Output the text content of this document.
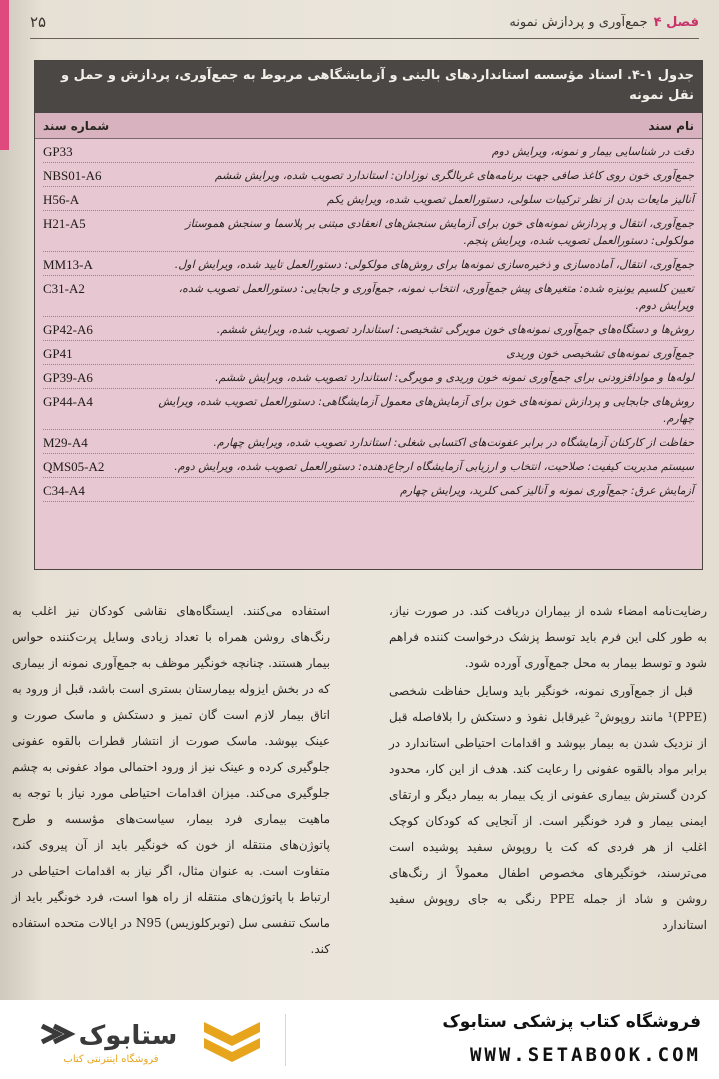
فصل ۴
جمع‌آوری و پردازش نمونه
۲۵
جدول ۱-۴. اسناد مؤسسه استانداردهای بالینی و آزمایشگاهی مربوط به جمع‌آوری، پردازش و حمل و نقل نمونه
نام سند
شماره سند
دقت در شناسایی بیمار و نمونه، ویرایش دوم
GP33
جمع‌آوری خون روی کاغذ صافی جهت برنامه‌های غربالگری نوزادان: استاندارد تصویب شده، ویرایش ششم
NBS01-A6
آنالیز مایعات بدن از نظر ترکیبات سلولی، دستورالعمل تصویب شده، ویرایش یکم
H56-A
جمع‌آوری، انتقال و پردازش نمونه‌های خون برای آزمایش سنجش‌های انعقادی مبتنی بر پلاسما و سنجش هموستاز مولکولی: دستورالعمل تصویب شده، ویرایش پنجم.
H21-A5
جمع‌آوری، انتقال، آماده‌سازی و ذخیره‌سازی نمونه‌ها برای روش‌های مولکولی: دستورالعمل تایید شده، ویرایش اول.
MM13-A
تعیین کلسیم یونیزه شده: متغیرهای پیش جمع‌آوری، انتخاب نمونه، جمع‌آوری و جابجایی: دستورالعمل تصویب شده، ویرایش دوم.
C31-A2
روش‌ها و دستگاه‌های جمع‌آوری نمونه‌های خون مویرگی تشخیصی: استاندارد تصویب شده، ویرایش ششم.
GP42-A6
جمع‌آوری نمونه‌های تشخیصی خون وریدی
GP41
لوله‌ها و موادافزودنی برای جمع‌آوری نمونه خون وریدی و مویرگی: استاندارد تصویب شده، ویرایش ششم.
GP39-A6
روش‌های جابجایی و پردازش نمونه‌های خون برای آزمایش‌های معمول آزمایشگاهی: دستورالعمل تصویب شده، ویرایش چهارم.
GP44-A4
حفاظت از کارکنان آزمایشگاه در برابر عفونت‌های اکتسابی شغلی: استاندارد تصویب شده، ویرایش چهارم.
M29-A4
سیستم مدیریت کیفیت: صلاحیت، انتخاب و ارزیابی آزمایشگاه ارجاع‌دهنده: دستورالعمل تصویب شده، ویرایش دوم.
QMS05-A2
آزمایش عرق: جمع‌آوری نمونه و آنالیز کمی کلرید، ویرایش چهارم
C34-A4

رضایت‌نامه امضاء شده از بیماران دریافت کند. در صورت نیاز، به طور کلی این فرم باید توسط پزشک درخواست کننده فراهم شود و توسط بیمار به محل جمع‌آوری آورده شود.

قبل از جمع‌آوری نمونه، خونگیر باید وسایل حفاظت شخصی (PPE)¹ مانند روپوش² غیرقابل نفوذ و دستکش را بلافاصله قبل از نزدیک شدن به بیمار بپوشد و اقدامات احتیاطی استاندارد در برابر مواد بالقوه عفونی را رعایت کند. هدف از این کار، محدود کردن گسترش بیماری عفونی از یک بیمار به بیمار دیگر و ارتقای ایمنی بیمار و فرد خونگیر است. از آنجایی که کودکان کوچک اغلب از هر فردی که کت یا روپوش سفید پوشیده است می‌ترسند، خونگیرهای مخصوص اطفال معمولاً از رنگ‌های روشن و شاد از جمله PPE رنگی به جای روپوش سفید استاندارد

استفاده می‌کنند. ایستگاه‌های نقاشی کودکان نیز اغلب به رنگ‌های روشن همراه با تعداد زیادی وسایل پرت‌کننده حواس بیمار هستند. چنانچه خونگیر موظف به جمع‌آوری نمونه از بیماری که در بخش ایزوله بیمارستان بستری است باشد، قبل از ورود به اتاق بیمار لازم است گان تمیز و دستکش و ماسک صورت و عینک بپوشد. ماسک صورت از انتشار قطرات بالقوه عفونی جلوگیری کرده و عینک نیز از ورود احتمالی مواد عفونی به چشم جلوگیری می‌کند. میزان اقدامات احتیاطی مورد نیاز با توجه به ماهیت بیماری فرد بیمار، سیاست‌های مؤسسه و طرح پاتوژن‌های منتقله از خون که خونگیر باید از آن پیروی کند، متفاوت است. به عنوان مثال، اگر نیاز به اقدامات احتیاطی در ارتباط با پاتوژن‌های منتقله از راه هوا است، فرد خونگیر باید از ماسک تنفسی سل (توبرکلوزیس) N95 در ایالات متحده استفاده کند.

ستابوک
فروشگاه اینترنتی کتاب
فروشگاه کتاب پزشکی ستابوک
WWW.SETABOOK.COM
